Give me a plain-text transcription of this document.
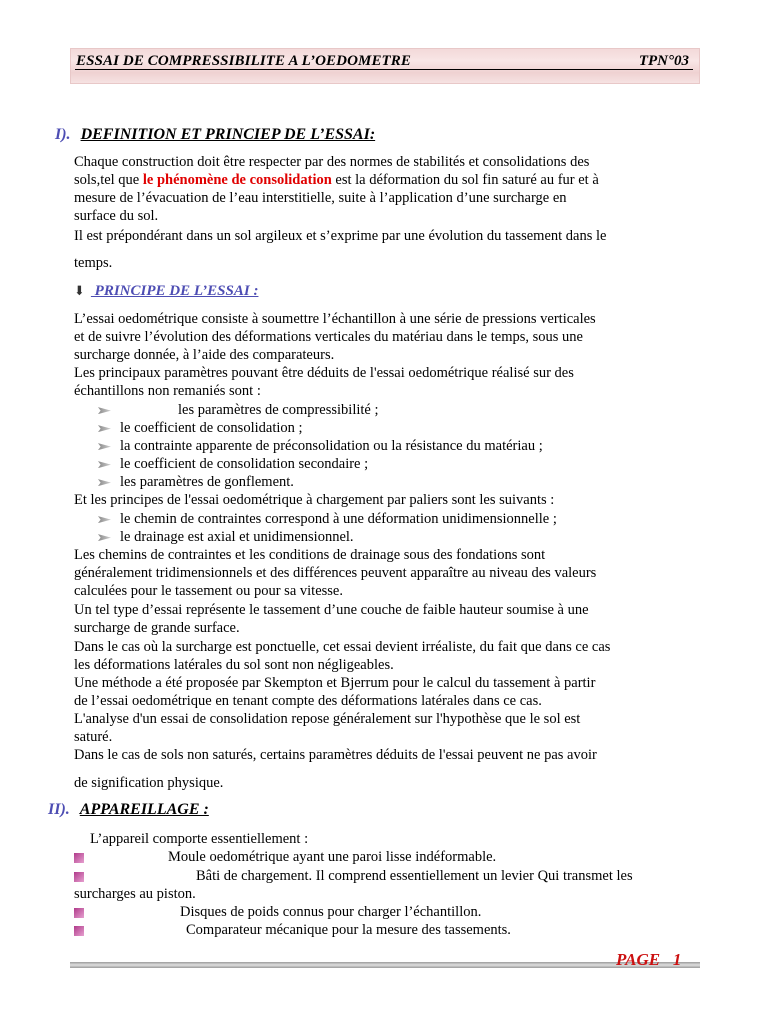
ESSAI DE COMPRESSIBILITE A L’OEDOMETRE	TPN°03
I). DEFINITION ET PRINCIEP DE L’ESSAI:
Chaque construction doit être respecter par des normes de stabilités et consolidations des
sols,tel que le phénomène de consolidation est la déformation du sol fin saturé au fur et à
mesure de l’évacuation de l’eau interstitielle, suite à l’application d’une surcharge en
surface du sol.
Il est prépondérant dans un sol argileux et s’exprime par une évolution du tassement dans le
temps.
⬇ PRINCIPE DE L’ESSAI :
L’essai oedométrique consiste à soumettre l’échantillon à une série de pressions verticales
et de suivre l’évolution des déformations verticales du matériau dans le temps, sous une
surcharge donnée, à l’aide des comparateurs.
Les principaux paramètres pouvant être déduits de l'essai oedométrique réalisé sur des
échantillons non remaniés sont :
les paramètres de compressibilité ;
le coefficient de consolidation ;
la contrainte apparente de préconsolidation ou la résistance du matériau ;
le coefficient de consolidation secondaire ;
les paramètres de gonflement.
Et les principes de l'essai oedométrique à chargement par paliers sont les suivants :
le chemin de contraintes correspond à une déformation unidimensionnelle ;
le drainage est axial et unidimensionnel.
Les chemins de contraintes et les conditions de drainage sous des fondations sont
généralement tridimensionnels et des différences peuvent apparaître au niveau des valeurs
calculées pour le tassement ou pour sa vitesse.
Un tel type d’essai représente le tassement d’une couche de faible hauteur soumise à une
surcharge de grande surface.
Dans le cas où la surcharge est ponctuelle, cet essai devient irréaliste, du fait que dans ce cas
les déformations latérales du sol sont non négligeables.
Une méthode a été proposée par Skempton et Bjerrum pour le calcul du tassement à partir
de l’essai oedométrique en tenant compte des déformations latérales dans ce cas.
L'analyse d'un essai de consolidation repose généralement sur l'hypothèse que le sol est
saturé.
Dans le cas de sols non saturés, certains paramètres déduits de l'essai peuvent ne pas avoir
de signification physique.
II). APPAREILLAGE :
L’appareil comporte essentiellement :
Moule oedométrique ayant une paroi lisse indéformable.
Bâti de chargement. Il comprend essentiellement un levier Qui transmet les
surcharges au piston.
Disques de poids connus pour charger l’échantillon.
Comparateur mécanique pour la mesure des tassements.
PAGE   1
